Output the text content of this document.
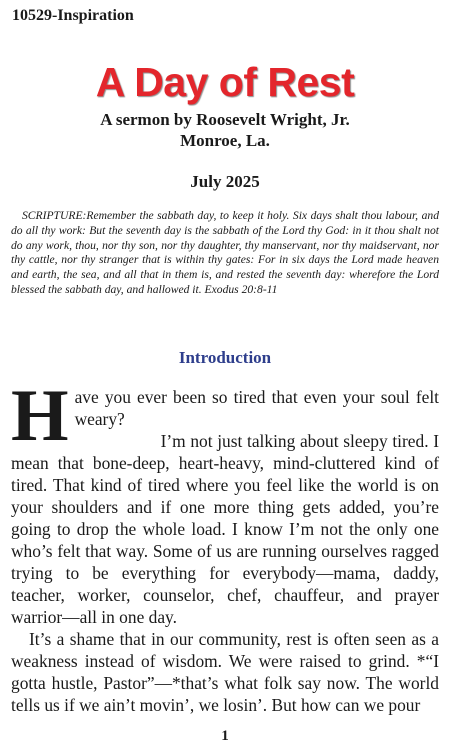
10529-Inspiration
A Day of Rest
A sermon by Roosevelt Wright, Jr.
Monroe, La.
July 2025
SCRIPTURE:Remember the sabbath day, to keep it holy. Six days shalt thou labour, and do all thy work: But the seventh day is the sabbath of the Lord thy God: in it thou shalt not do any work, thou, nor thy son, nor thy daughter, thy manservant, nor thy maidservant, nor thy cattle, nor thy stranger that is within thy gates: For in six days the Lord made heaven and earth, the sea, and all that in them is, and rested the seventh day: wherefore the Lord blessed the sabbath day, and hallowed it. Exodus 20:8-11
Introduction
H ave you ever been so tired that even your soul felt weary?

I’m not just talking about sleepy tired. I mean that bone-deep, heart-heavy, mind-cluttered kind of tired. That kind of tired where you feel like the world is on your shoulders and if one more thing gets added, you’re going to drop the whole load. I know I’m not the only one who’s felt that way. Some of us are running ourselves ragged trying to be everything for everybody—mama, daddy, teacher, worker, counselor, chef, chauffeur, and prayer warrior—all in one day.

It’s a shame that in our community, rest is often seen as a weakness instead of wisdom. We were raised to grind. *“I gotta hustle, Pastor”—*that’s what folk say now. The world tells us if we ain’t movin’, we losin’. But how can we pour

1
